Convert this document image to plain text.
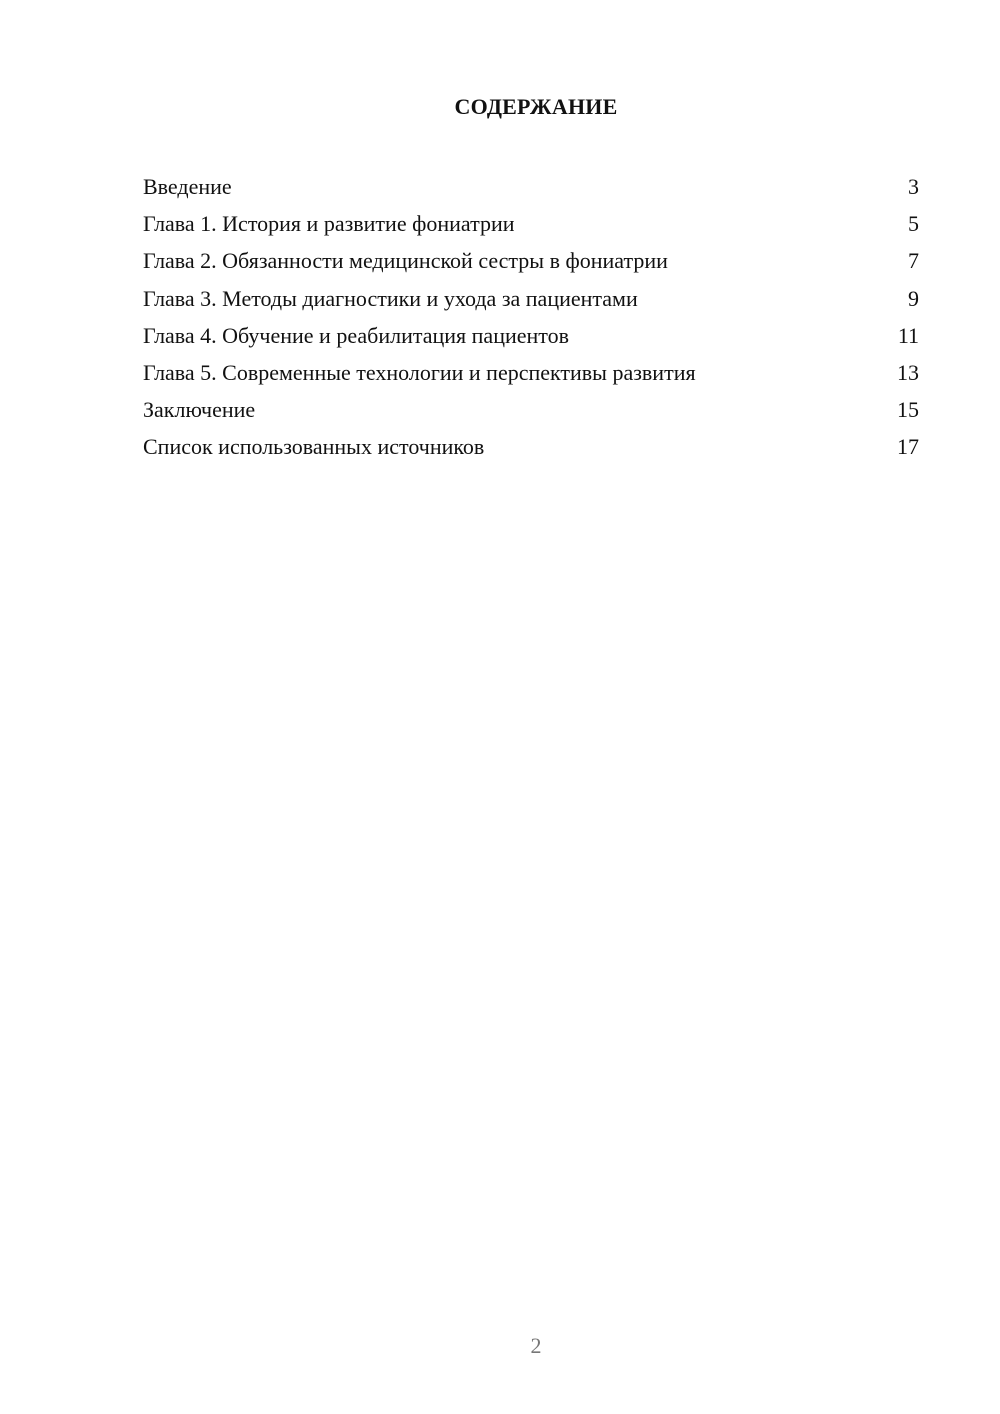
СОДЕРЖАНИЕ
Введение	3
Глава 1. История и развитие фониатрии	5
Глава 2. Обязанности медицинской сестры в фониатрии	7
Глава 3. Методы диагностики и ухода за пациентами	9
Глава 4. Обучение и реабилитация пациентов	11
Глава 5. Современные технологии и перспективы развития	13
Заключение	15
Список использованных источников	17
2
